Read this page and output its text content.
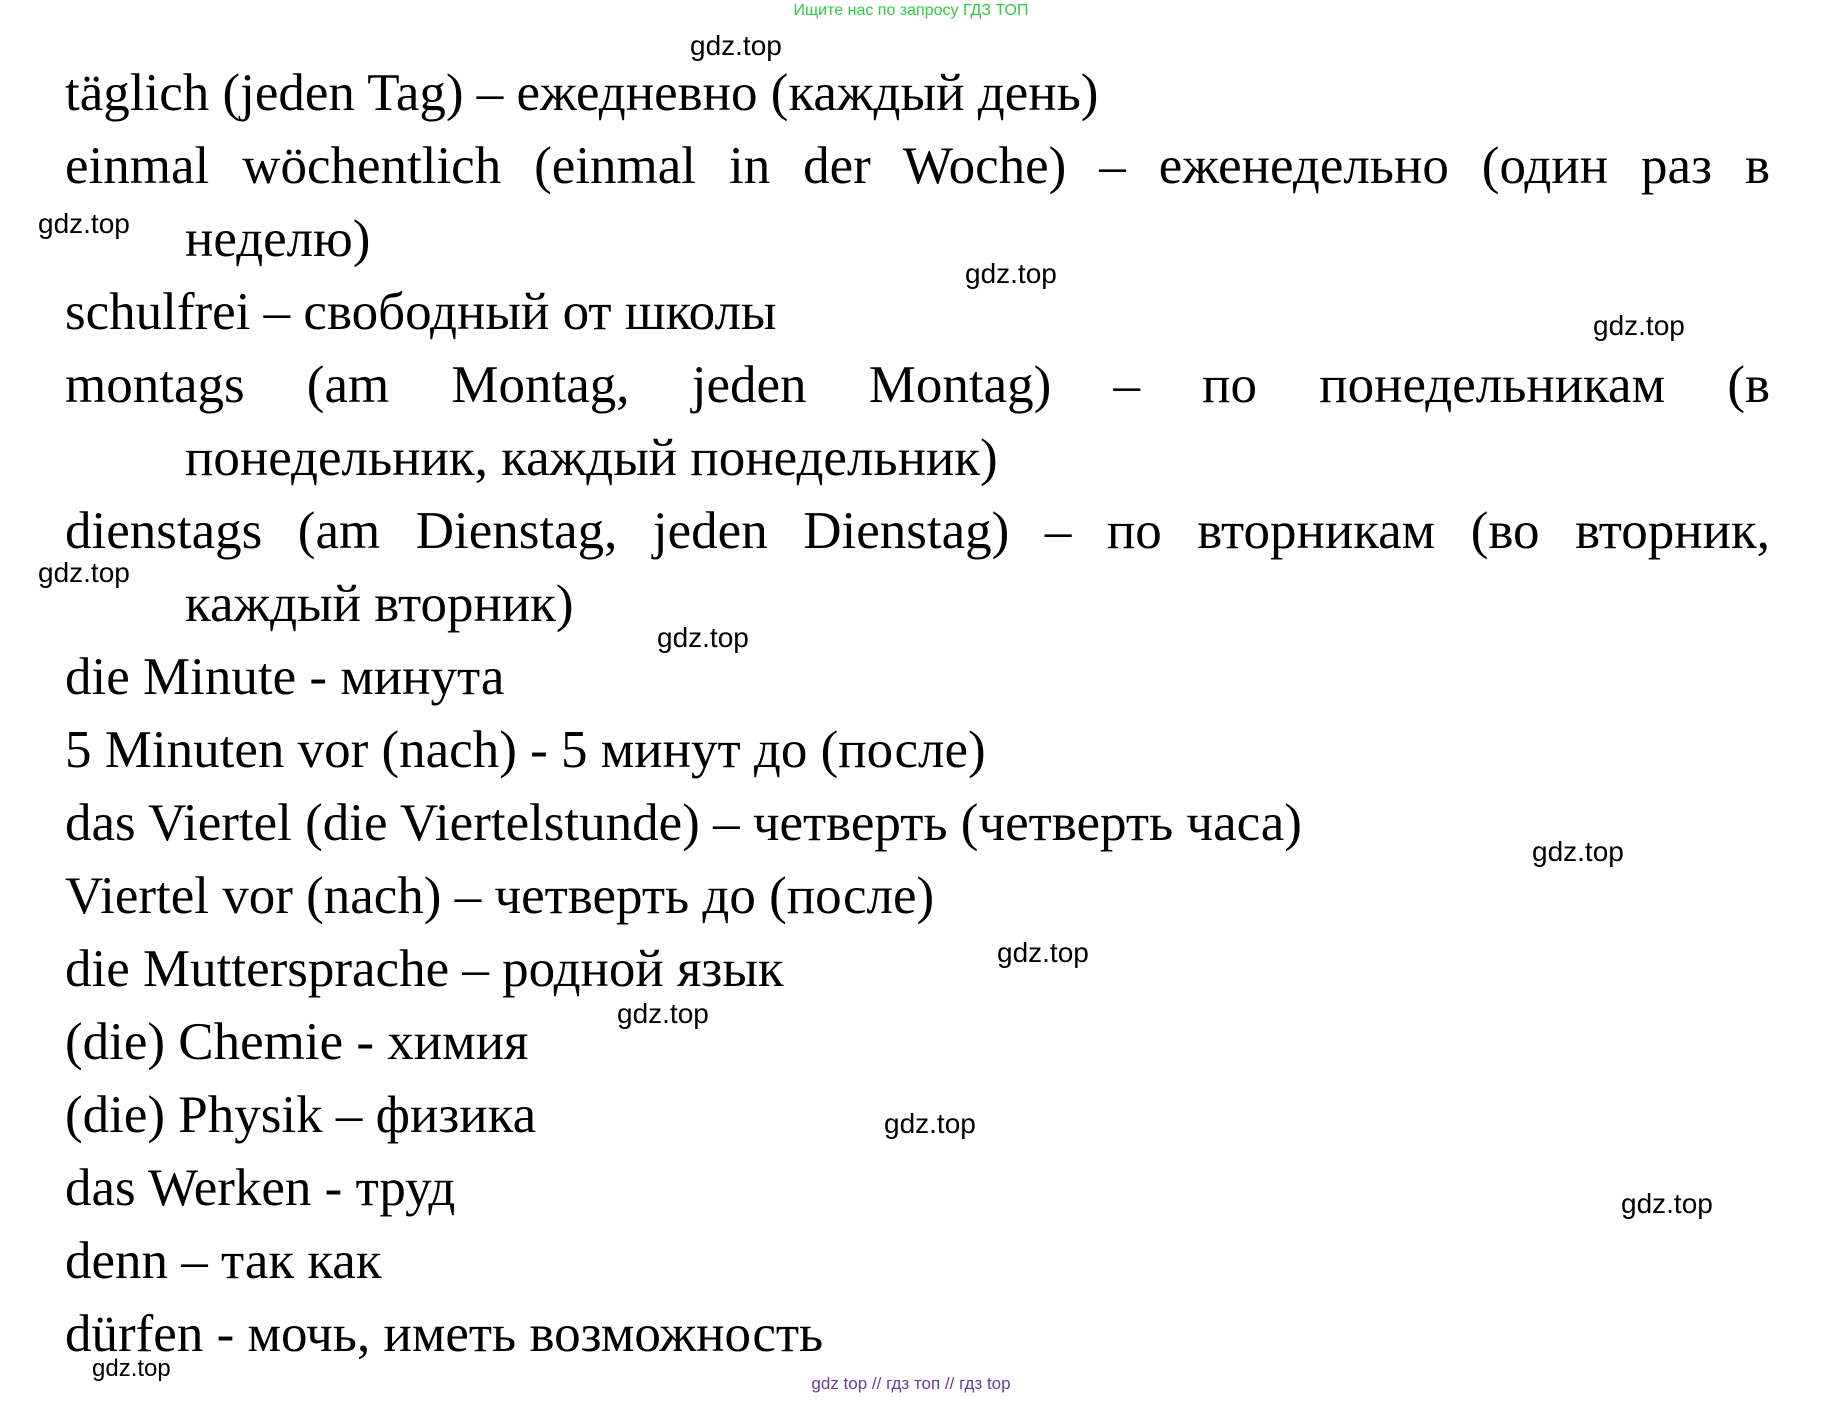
Ищите нас по запросу ГДЗ ТОП

täglich (jeden Tag) – ежедневно (каждый день)

einmal wöchentlich (einmal in der Woche) – еженедельно (один раз в
неделю)

schulfrei – свободный от школы

montags (am Montag, jeden Montag) – по понедельникам (в
понедельник, каждый понедельник)

dienstags (am Dienstag, jeden Dienstag) – по вторникам (во вторник,
каждый вторник)

die Minute - минута

5 Minuten vor (nach) - 5 минут до (после)

das Viertel (die Viertelstunde) – четверть (четверть часа)

Viertel vor (nach) – четверть до (после)

die Muttersprache – родной язык

(die) Chemie - химия

(die) Physik – физика

das Werken - труд

denn – так как

dürfen - мочь, иметь возможность

gdz.top
gdz.top
gdz.top
gdz.top
gdz.top
gdz.top
gdz.top
gdz.top
gdz.top
gdz.top
gdz.top
gdz.top
gdz top // гдз топ // гдз top
